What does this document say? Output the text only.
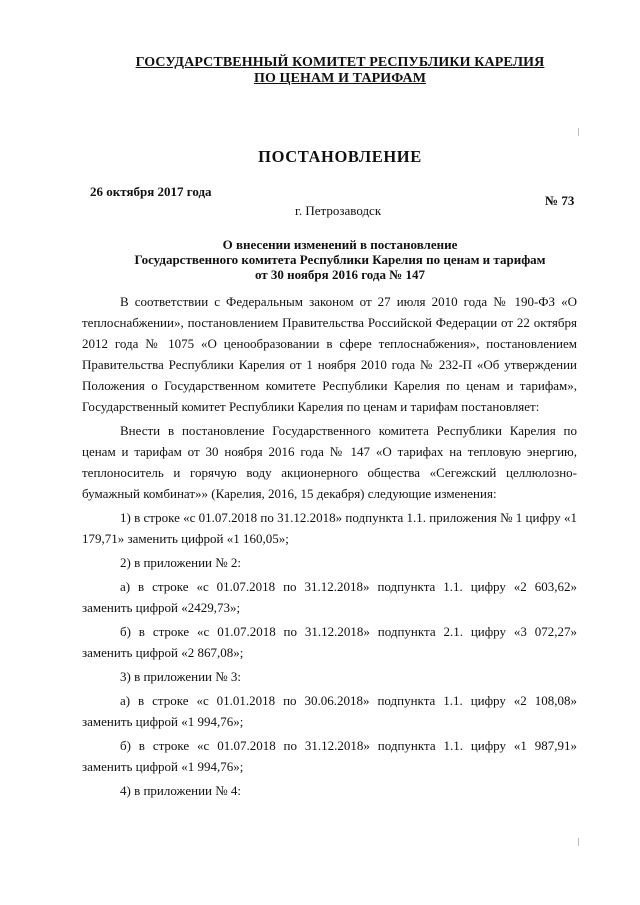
ГОСУДАРСТВЕННЫЙ КОМИТЕТ РЕСПУБЛИКИ КАРЕЛИЯ
ПО ЦЕНАМ И ТАРИФАМ
ПОСТАНОВЛЕНИЕ
26 октября 2017 года
№ 73
г. Петрозаводск
О внесении изменений в постановление
Государственного комитета Республики Карелия по ценам и тарифам
от 30 ноября 2016 года № 147

В соответствии с Федеральным законом от 27 июля 2010 года № 190-ФЗ «О теплоснабжении», постановлением Правительства Российской Федерации от 22 октября 2012 года № 1075 «О ценообразовании в сфере теплоснабжения», постановлением Правительства Республики Карелия от 1 ноября 2010 года № 232-П «Об утверждении Положения о Государственном комитете Республики Карелия по ценам и тарифам», Государственный комитет Республики Карелия по ценам и тарифам постановляет:

Внести в постановление Государственного комитета Республики Карелия по ценам и тарифам от 30 ноября 2016 года № 147 «О тарифах на тепловую энергию, теплоноситель и горячую воду акционерного общества «Сегежский целлюлозно-бумажный комбинат»» (Карелия, 2016, 15 декабря) следующие изменения:

1) в строке «с 01.07.2018 по 31.12.2018» подпункта 1.1. приложения № 1 цифру «1 179,71» заменить цифрой «1 160,05»;

2) в приложении № 2:

а) в строке «с 01.07.2018 по 31.12.2018» подпункта 1.1. цифру «2 603,62» заменить цифрой «2429,73»;

б) в строке «с 01.07.2018 по 31.12.2018» подпункта 2.1. цифру «3 072,27» заменить цифрой «2 867,08»;

3) в приложении № 3:

а) в строке «с 01.01.2018 по 30.06.2018» подпункта 1.1. цифру «2 108,08» заменить цифрой «1 994,76»;

б) в строке «с 01.07.2018 по 31.12.2018» подпункта 1.1. цифру «1 987,91» заменить цифрой «1 994,76»;

4) в приложении № 4:
